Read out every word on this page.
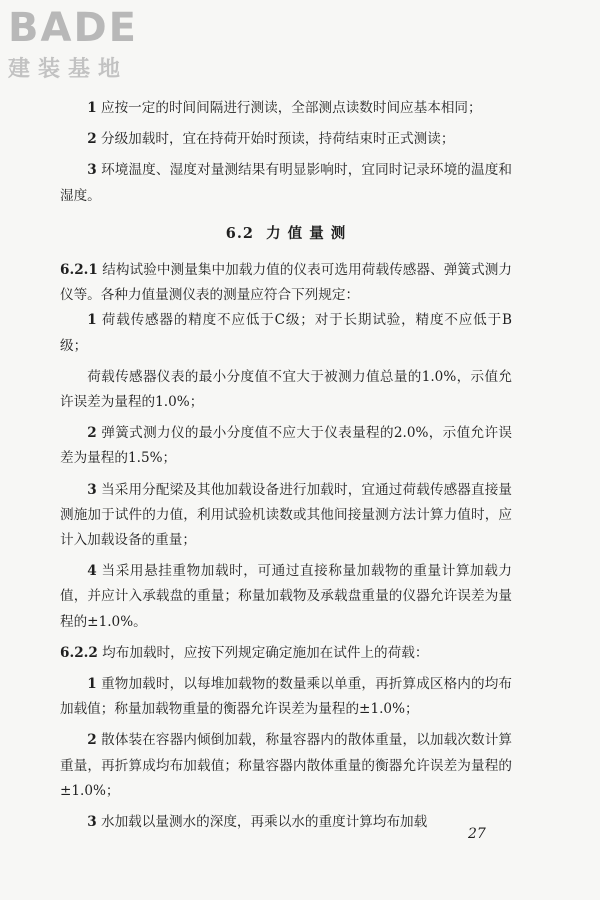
BADE
建装基地

1 应按一定的时间间隔进行测读，全部测点读数时间应基本相同；

2 分级加载时，宜在持荷开始时预读，持荷结束时正式测读；

3 环境温度、湿度对量测结果有明显影响时，宜同时记录环境的温度和湿度。

6.2 力 值 量 测

6.2.1 结构试验中测量集中加载力值的仪表可选用荷载传感器、弹簧式测力仪等。各种力值量测仪表的测量应符合下列规定：

1 荷载传感器的精度不应低于C级；对于长期试验，精度不应低于B级；

荷载传感器仪表的最小分度值不宜大于被测力值总量的1.0%，示值允许误差为量程的1.0%；

2 弹簧式测力仪的最小分度值不应大于仪表量程的2.0%，示值允许误差为量程的1.5%；

3 当采用分配梁及其他加载设备进行加载时，宜通过荷载传感器直接量测施加于试件的力值，利用试验机读数或其他间接量测方法计算力值时，应计入加载设备的重量；

4 当采用悬挂重物加载时，可通过直接称量加载物的重量计算加载力值，并应计入承载盘的重量；称量加载物及承载盘重量的仪器允许误差为量程的±1.0%。

6.2.2 均布加载时，应按下列规定确定施加在试件上的荷载：

1 重物加载时，以每堆加载物的数量乘以单重，再折算成区格内的均布加载值；称量加载物重量的衡器允许误差为量程的±1.0%；

2 散体装在容器内倾倒加载，称量容器内的散体重量，以加载次数计算重量，再折算成均布加载值；称量容器内散体重量的衡器允许误差为量程的±1.0%；

3 水加载以量测水的深度，再乘以水的重度计算均布加载

27
